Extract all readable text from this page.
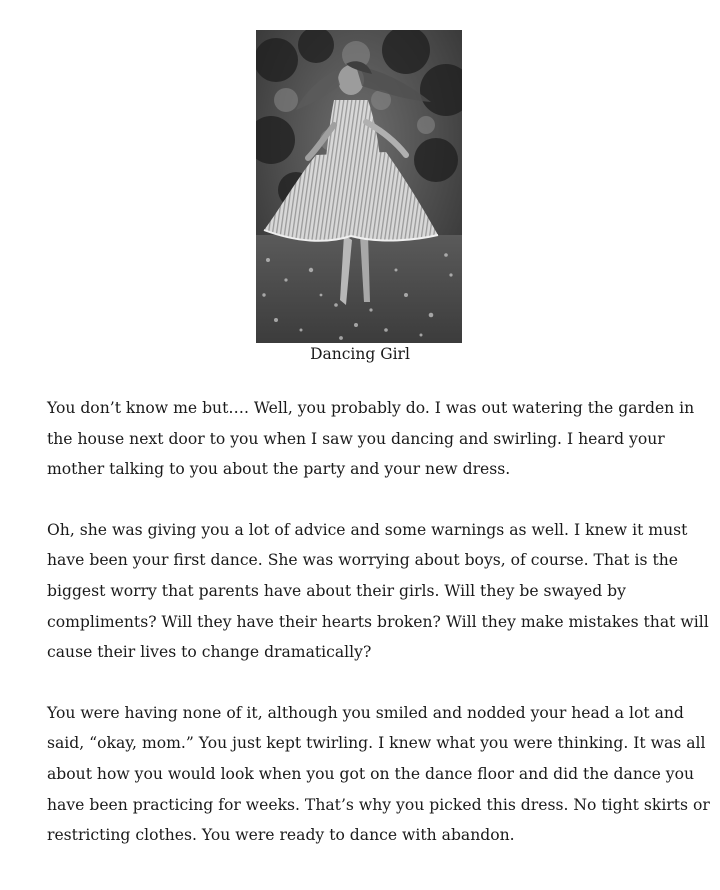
Dancing Girl

You don’t know me but…. Well, you probably do. I was out watering the garden in
the house next door to you when I saw you dancing and swirling. I heard your
mother talking to you about the party and your new dress.

Oh, she was giving you a lot of advice and some warnings as well. I knew it must
have been your first dance. She was worrying about boys, of course. That is the
biggest worry that parents have about their girls. Will they be swayed by
compliments? Will they have their hearts broken? Will they make mistakes that will
cause their lives to change dramatically?

You were having none of it, although you smiled and nodded your head a lot and
said, “okay, mom.” You just kept twirling. I knew what you were thinking. It was all
about how you would look when you got on the dance floor and did the dance you
have been practicing for weeks. That’s why you picked this dress. No tight skirts or
restricting clothes. You were ready to dance with abandon.
